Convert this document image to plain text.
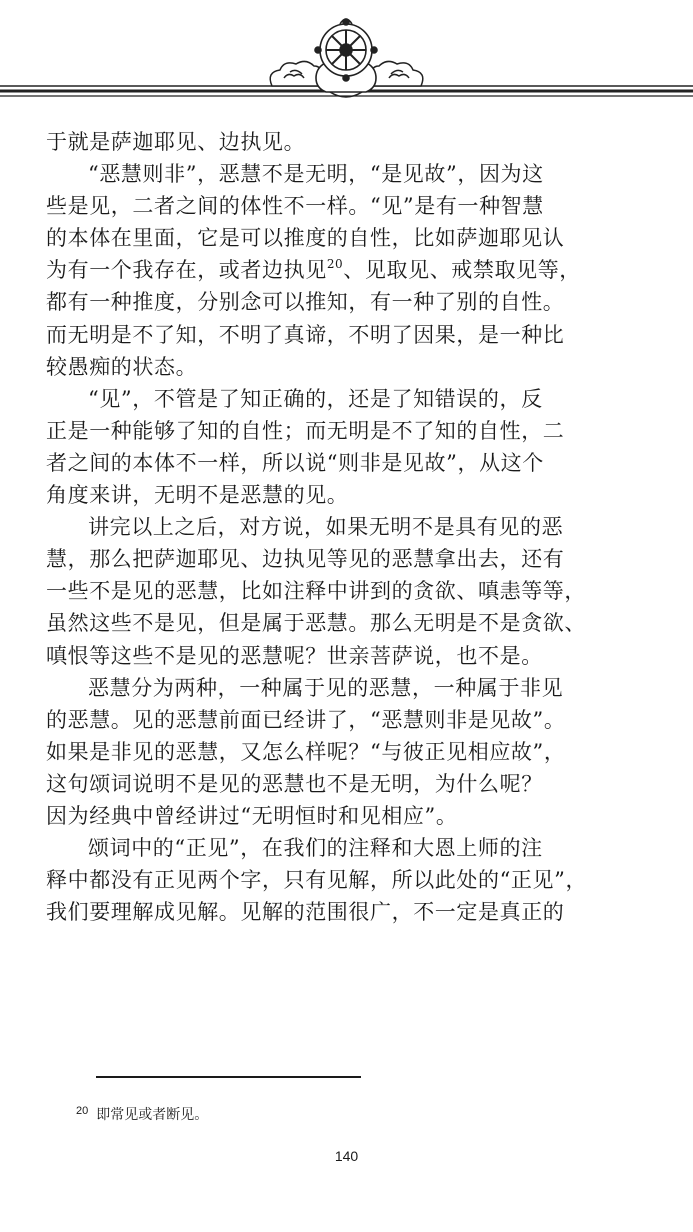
于就是萨迦耶见、边执见。
“恶慧则非”，恶慧不是无明，“是见故”，因为这
些是见，二者之间的体性不一样。“见”是有一种智慧
的本体在里面，它是可以推度的自性，比如萨迦耶见认
为有一个我存在，或者边执见$^{20}$、见取见、戒禁取见等，
都有一种推度，分别念可以推知，有一种了别的自性。
而无明是不了知，不明了真谛，不明了因果，是一种比
较愚痴的状态。
“见”，不管是了知正确的，还是了知错误的，反
正是一种能够了知的自性；而无明是不了知的自性，二
者之间的本体不一样，所以说“则非是见故”，从这个
角度来讲，无明不是恶慧的见。
讲完以上之后，对方说，如果无明不是具有见的恶
慧，那么把萨迦耶见、边执见等见的恶慧拿出去，还有
一些不是见的恶慧，比如注释中讲到的贪欲、嗔恚等等，
虽然这些不是见，但是属于恶慧。那么无明是不是贪欲、
嗔恨等这些不是见的恶慧呢？世亲菩萨说，也不是。
恶慧分为两种，一种属于见的恶慧，一种属于非见
的恶慧。见的恶慧前面已经讲了，“恶慧则非是见故”。
如果是非见的恶慧，又怎么样呢？“与彼正见相应故”，
这句颂词说明不是见的恶慧也不是无明，为什么呢？
因为经典中曾经讲过“无明恒时和见相应”。
颂词中的“正见”，在我们的注释和大恩上师的注
释中都没有正见两个字，只有见解，所以此处的“正见”，
我们要理解成见解。见解的范围很广，不一定是真正的
$^{20}$ 即常见或者断见。
140
